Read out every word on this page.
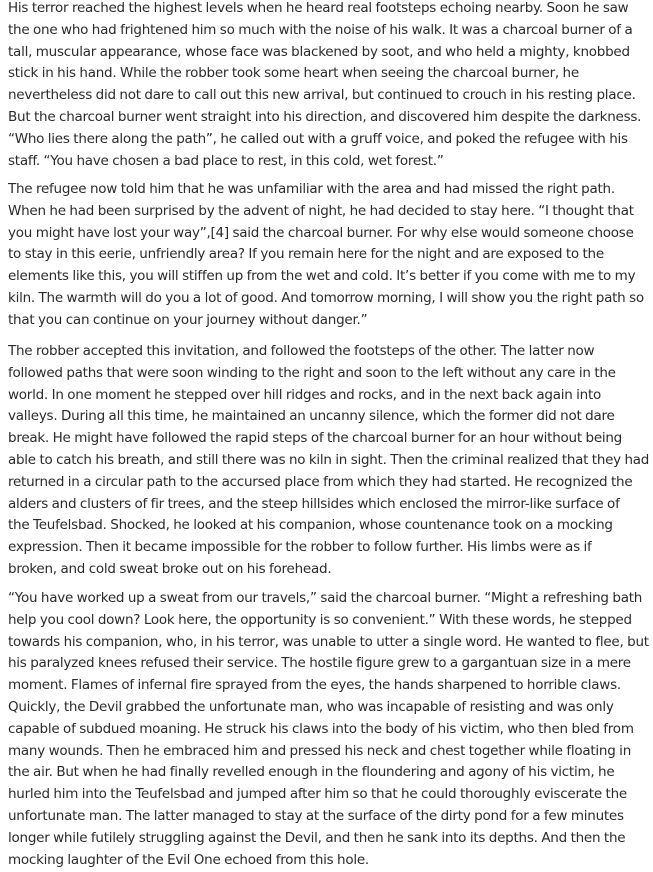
His terror reached the highest levels when he heard real footsteps echoing nearby. Soon he saw
the one who had frightened him so much with the noise of his walk. It was a charcoal burner of a
tall, muscular appearance, whose face was blackened by soot, and who held a mighty, knobbed
stick in his hand. While the robber took some heart when seeing the charcoal burner, he
nevertheless did not dare to call out this new arrival, but continued to crouch in his resting place.
But the charcoal burner went straight into his direction, and discovered him despite the darkness.
“Who lies there along the path”, he called out with a gruff voice, and poked the refugee with his
staff. “You have chosen a bad place to rest, in this cold, wet forest.”

The refugee now told him that he was unfamiliar with the area and had missed the right path.
When he had been surprised by the advent of night, he had decided to stay here. “I thought that
you might have lost your way”,[4] said the charcoal burner. For why else would someone choose
to stay in this eerie, unfriendly area? If you remain here for the night and are exposed to the
elements like this, you will stiffen up from the wet and cold. It’s better if you come with me to my
kiln. The warmth will do you a lot of good. And tomorrow morning, I will show you the right path so
that you can continue on your journey without danger.”

The robber accepted this invitation, and followed the footsteps of the other. The latter now
followed paths that were soon winding to the right and soon to the left without any care in the
world. In one moment he stepped over hill ridges and rocks, and in the next back again into
valleys. During all this time, he maintained an uncanny silence, which the former did not dare
break. He might have followed the rapid steps of the charcoal burner for an hour without being
able to catch his breath, and still there was no kiln in sight. Then the criminal realized that they had
returned in a circular path to the accursed place from which they had started. He recognized the
alders and clusters of fir trees, and the steep hillsides which enclosed the mirror-like surface of
the Teufelsbad. Shocked, he looked at his companion, whose countenance took on a mocking
expression. Then it became impossible for the robber to follow further. His limbs were as if
broken, and cold sweat broke out on his forehead.

“You have worked up a sweat from our travels,” said the charcoal burner. “Might a refreshing bath
help you cool down? Look here, the opportunity is so convenient.” With these words, he stepped
towards his companion, who, in his terror, was unable to utter a single word. He wanted to flee, but
his paralyzed knees refused their service. The hostile figure grew to a gargantuan size in a mere
moment. Flames of infernal fire sprayed from the eyes, the hands sharpened to horrible claws.
Quickly, the Devil grabbed the unfortunate man, who was incapable of resisting and was only
capable of subdued moaning. He struck his claws into the body of his victim, who then bled from
many wounds. Then he embraced him and pressed his neck and chest together while floating in
the air. But when he had finally revelled enough in the floundering and agony of his victim, he
hurled him into the Teufelsbad and jumped after him so that he could thoroughly eviscerate the
unfortunate man. The latter managed to stay at the surface of the dirty pond for a few minutes
longer while futilely struggling against the Devil, and then he sank into its depths. And then the
mocking laughter of the Evil One echoed from this hole.
